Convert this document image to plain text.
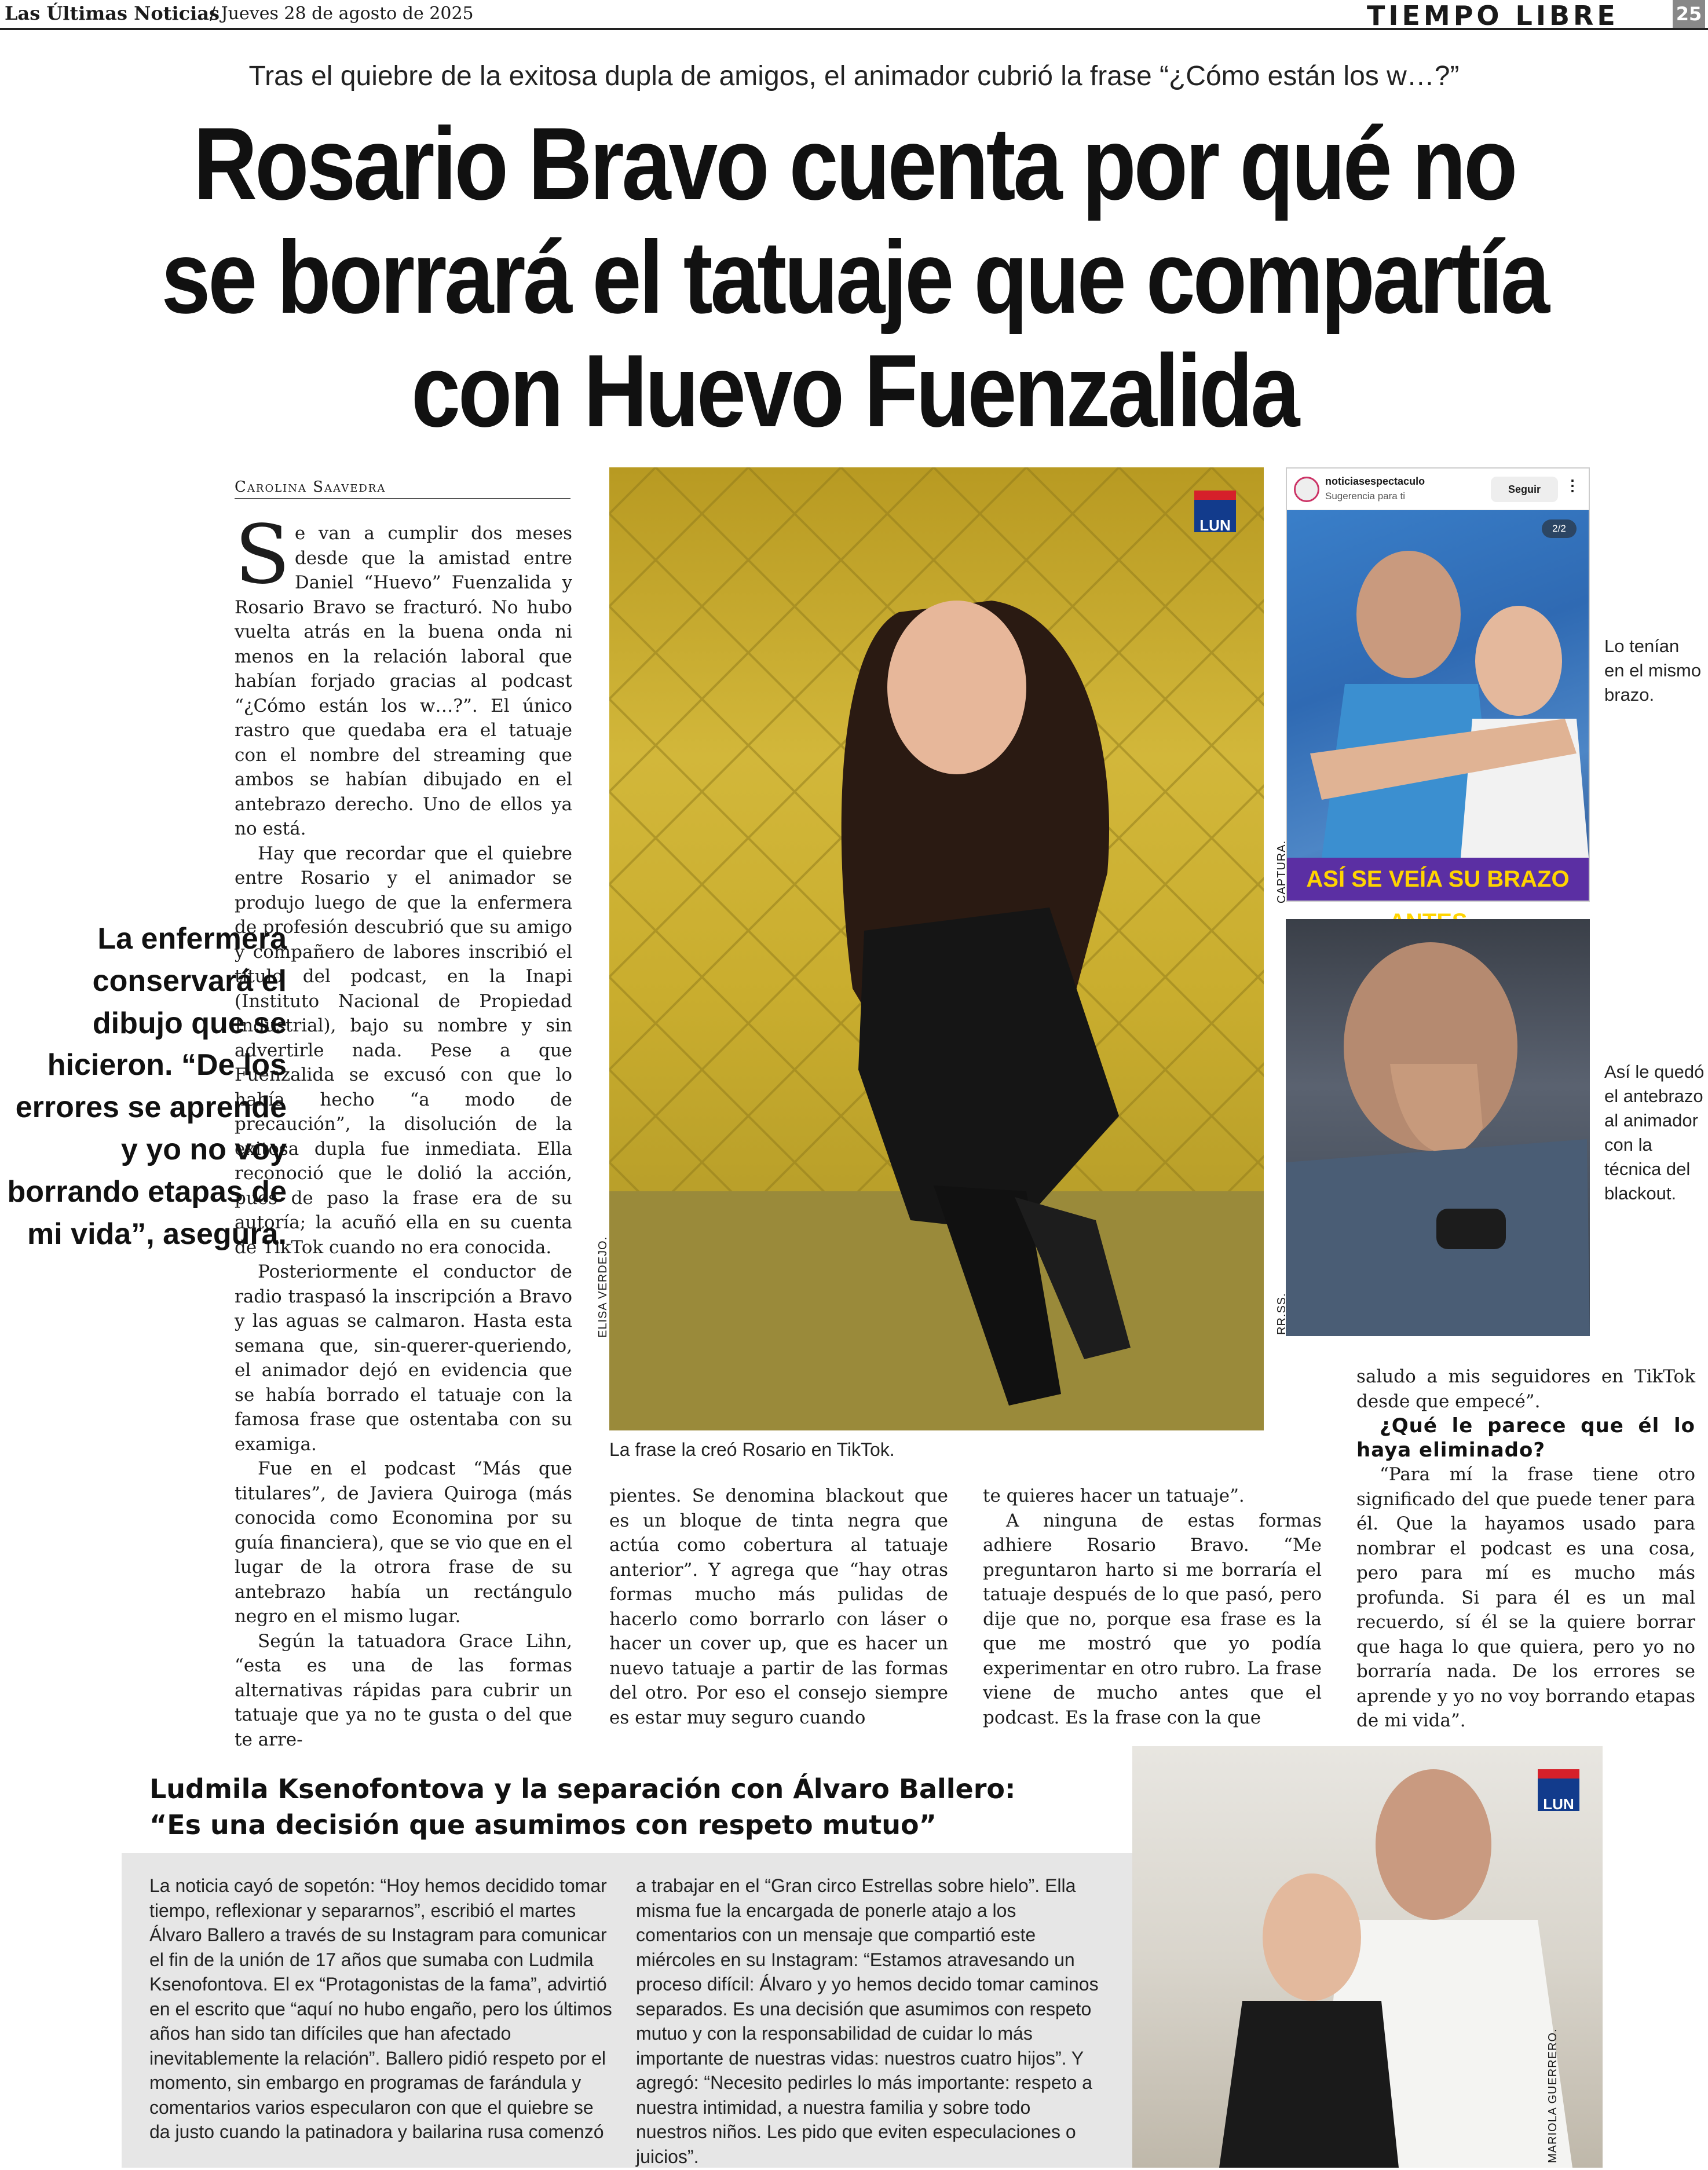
Las Últimas Noticias
/ Jueves 28 de agosto de 2025	TIEMPO LIBRE	25
Tras el quiebre de la exitosa dupla de amigos, el animador cubrió la frase “¿Cómo están los w…?”
Rosario Bravo cuenta por qué no se borrará el tatuaje que compartía con Huevo Fuenzalida
Carolina Saavedra

Se van a cumplir dos meses desde que la amistad entre Daniel “Huevo” Fuenzalida y Rosario Bravo se fracturó. No hubo vuelta atrás en la buena onda ni menos en la relación laboral que habían forjado gracias al podcast “¿Cómo están los w…?”. El único rastro que quedaba era el tatuaje con el nombre del streaming que ambos se habían dibujado en el antebrazo derecho. Uno de ellos ya no está.

Hay que recordar que el quiebre entre Rosario y el animador se produjo luego de que la enfermera de profesión descubrió que su amigo y compañero de labores inscribió el título del podcast, en la Inapi (Instituto Nacional de Propiedad Industrial), bajo su nombre y sin advertirle nada. Pese a que Fuenzalida se excusó con que lo había hecho “a modo de precaución”, la disolución de la exitosa dupla fue inmediata. Ella reconoció que le dolió la acción, pues de paso la frase era de su autoría; la acuñó ella en su cuenta de TikTok cuando no era conocida.

Posteriormente el conductor de radio traspasó la inscripción a Bravo y las aguas se calmaron. Hasta esta semana que, sin-querer-queriendo, el animador dejó en evidencia que se había borrado el tatuaje con la famosa frase que ostentaba con su examiga.

Fue en el podcast “Más que titulares”, de Javiera Quiroga (más conocida como Economina por su guía financiera), que se vio que en el lugar de la otrora frase de su antebrazo había un rectángulo negro en el mismo lugar.

Según la tatuadora Grace Lihn, “esta es una de las formas alternativas rápidas para cubrir un tatuaje que ya no te gusta o del que te arre-

La enfermera conservará el dibujo que se hicieron. “De los errores se aprende y yo no voy borrando etapas de mi vida”, asegura.
LUN
ELISA VERDEJO.
La frase la creó Rosario en TikTok.

pientes. Se denomina blackout que es un bloque de tinta negra que actúa como cobertura al tatuaje anterior”. Y agrega que “hay otras formas mucho más pulidas de hacerlo como borrarlo con láser o hacer un cover up, que es hacer un nuevo tatuaje a partir de las formas del otro. Por eso el consejo siempre es estar muy seguro cuando

te quieres hacer un tatuaje”.

A ninguna de estas formas adhiere Rosario Bravo. “Me preguntaron harto si me borraría el tatuaje después de lo que pasó, pero dije que no, porque esa frase es la que me mostró que yo podía experimentar en otro rubro. La frase viene de mucho antes que el podcast. Es la frase con la que

noticiasespectaculo
Sugerencia para ti
Seguir	⋮
2/2
ASÍ SE VEÍA SU BRAZO
CAPTURA.
Lo tenían en el mismo brazo.
RR.SS.
Así le quedó el antebrazo al animador con la técnica del blackout.

saludo a mis seguidores en TikTok desde que empecé”.

¿Qué le parece que él lo haya eliminado?

“Para mí la frase tiene otro significado del que puede tener para él. Que la hayamos usado para nombrar el podcast es una cosa, pero para mí es mucho más profunda. Si para él es un mal recuerdo, sí él se la quiere borrar que haga lo que quiera, pero yo no borraría nada. De los errores se aprende y yo no voy borrando etapas de mi vida”.

Ludmila Ksenofontova y la separación con Álvaro Ballero:
“Es una decisión que asumimos con respeto mutuo”
La noticia cayó de sopetón: “Hoy hemos decidido tomar tiempo, reflexionar y separarnos”, escribió el martes Álvaro Ballero a través de su Instagram para comunicar el fin de la unión de 17 años que sumaba con Ludmila Ksenofontova. El ex “Protagonistas de la fama”, advirtió en el escrito que “aquí no hubo engaño, pero los últimos años han sido tan difíciles que han afectado inevitablemente la relación”. Ballero pidió respeto por el momento, sin embargo en programas de farándula y comentarios varios especularon con que el quiebre se da justo cuando la patinadora y bailarina rusa comenzó
a trabajar en el “Gran circo Estrellas sobre hielo”. Ella misma fue la encargada de ponerle atajo a los comentarios con un mensaje que compartió este miércoles en su Instagram: “Estamos atravesando un proceso difícil: Álvaro y yo hemos decido tomar caminos separados. Es una decisión que asumimos con respeto mutuo y con la responsabilidad de cuidar lo más importante de nuestras vidas: nuestros cuatro hijos”. Y agregó: “Necesito pedirles lo más importante: respeto a nuestra intimidad, a nuestra familia y sobre todo nuestros niños. Les pido que eviten especulaciones o juicios”.
LUN
MARIOLA GUERRERO.
